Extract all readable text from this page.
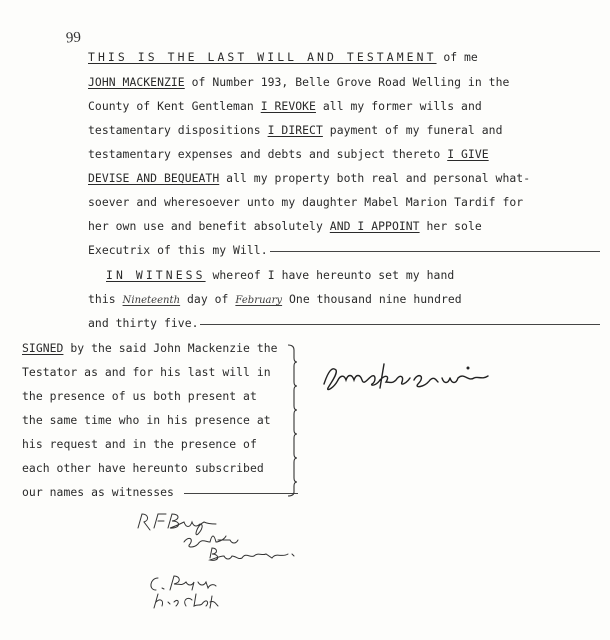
99
THIS IS THE LAST WILL AND TESTAMENT of me
JOHN MACKENZIE of Number 193, Belle Grove Road Welling in the
County of Kent Gentleman I REVOKE all my former wills and
testamentary dispositions I DIRECT payment of my funeral and
testamentary expenses and debts and subject thereto I GIVE
DEVISE AND BEQUEATH all my property both real and personal what-
soever and wheresoever unto my daughter Mabel Marion Tardif for
her own use and benefit absolutely AND I APPOINT her sole
Executrix of this my Will.
IN WITNESS whereof I have hereunto set my hand
this Nineteenth day of February One thousand nine hundred
and thirty five.
SIGNED by the said John Mackenzie the
Testator as and for his last will in
the presence of us both present at
the same time who in his presence at
his request and in the presence of
each other have hereunto subscribed
our names as witnesses
